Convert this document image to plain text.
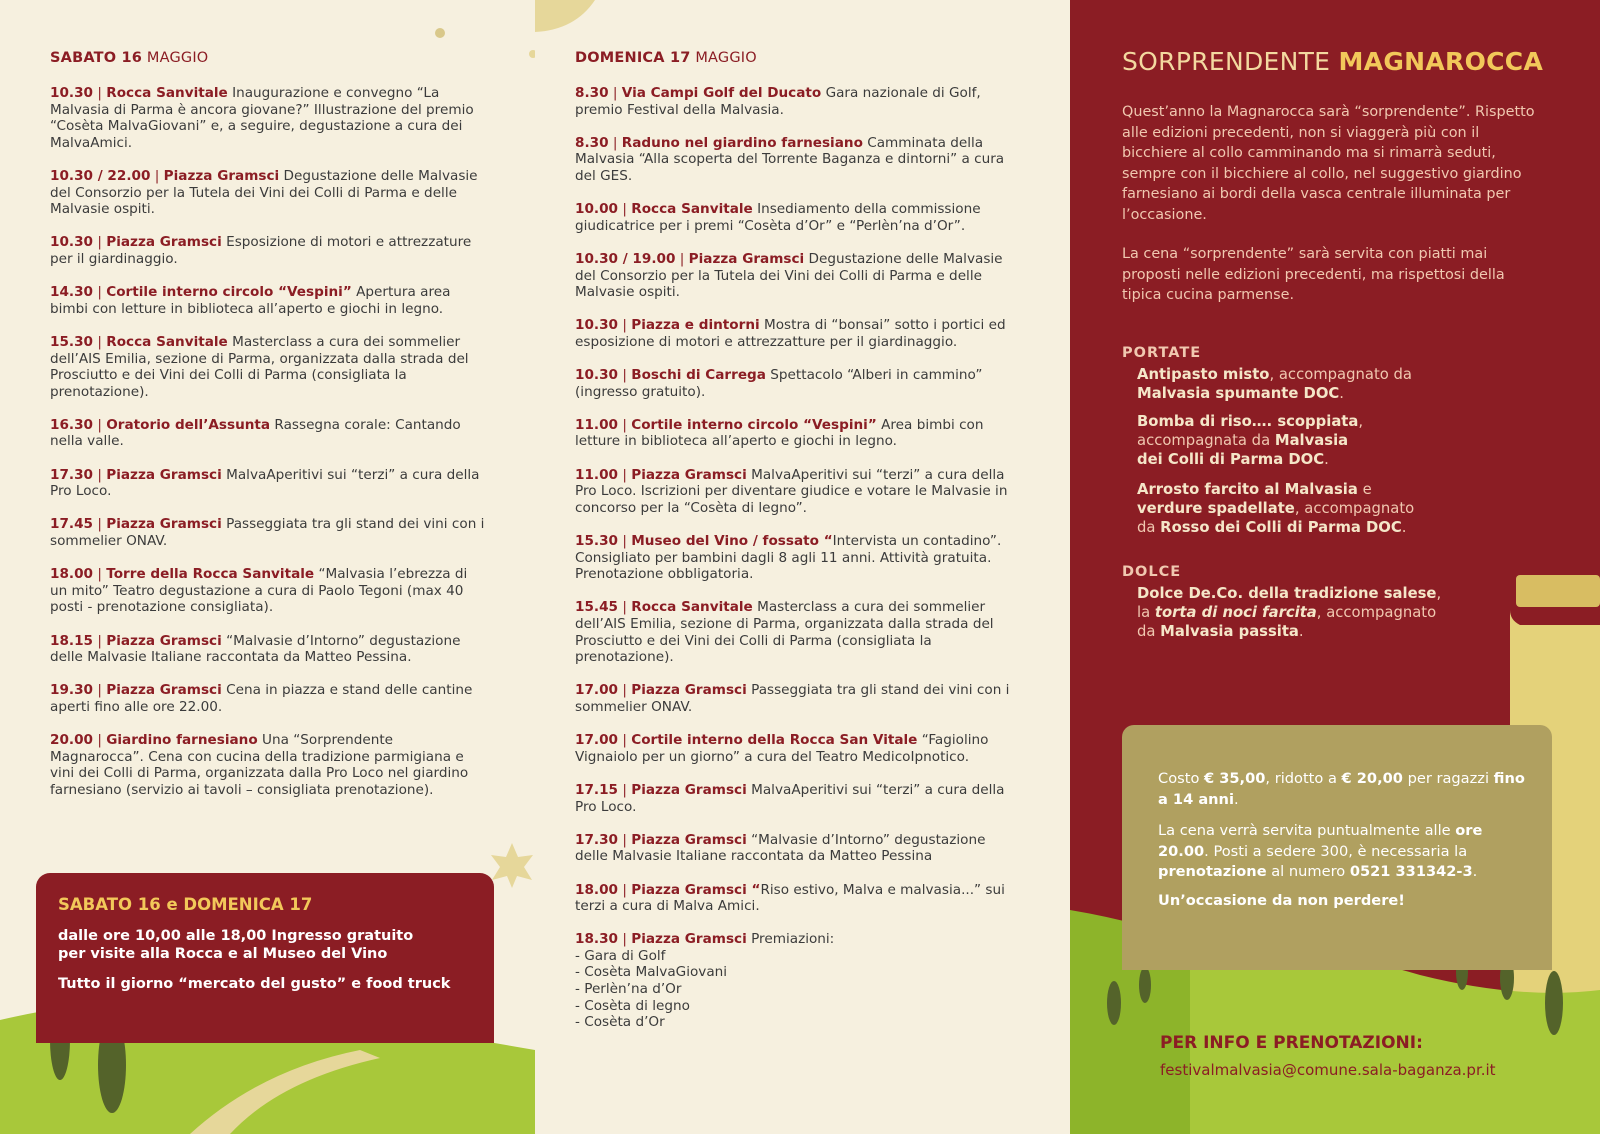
SABATO 16 MAGGIO
10.30 | Rocca Sanvitale Inaugurazione e convegno “La Malvasia di Parma è ancora giovane?” Illustrazione del premio “Cosèta MalvaGiovani” e, a seguire, degustazione a cura dei MalvaAmici.
10.30 / 22.00 | Piazza Gramsci Degustazione delle Malvasie del Consorzio per la Tutela dei Vini dei Colli di Parma e delle Malvasie ospiti.
10.30 | Piazza Gramsci Esposizione di motori e attrezzature per il giardinaggio.
14.30 | Cortile interno circolo “Vespini” Apertura area bimbi con letture in biblioteca all’aperto e giochi in legno.
15.30 | Rocca Sanvitale Masterclass a cura dei sommelier dell’AIS Emilia, sezione di Parma, organizzata dalla strada del Prosciutto e dei Vini dei Colli di Parma (consigliata la prenotazione).
16.30 | Oratorio dell’Assunta Rassegna corale: Cantando nella valle.
17.30 | Piazza Gramsci MalvaAperitivi sui “terzi” a cura della Pro Loco.
17.45 | Piazza Gramsci Passeggiata tra gli stand dei vini con i sommelier ONAV.
18.00 | Torre della Rocca Sanvitale “Malvasia l’ebrezza di un mito” Teatro degustazione a cura di Paolo Tegoni (max 40 posti - prenotazione consigliata).
18.15 | Piazza Gramsci “Malvasie d’Intorno” degustazione delle Malvasie Italiane raccontata da Matteo Pessina.
19.30 | Piazza Gramsci Cena in piazza e stand delle cantine aperti fino alle ore 22.00.
20.00 | Giardino farnesiano Una “Sorprendente Magnarocca”. Cena con cucina della tradizione parmigiana e vini dei Colli di Parma, organizzata dalla Pro Loco nel giardino farnesiano (servizio ai tavoli – consigliata prenotazione).
SABATO 16 e DOMENICA 17
dalle ore 10,00 alle 18,00 Ingresso gratuito
per visite alla Rocca e al Museo del Vino
Tutto il giorno “mercato del gusto” e food truck
DOMENICA 17 MAGGIO
8.30 | Via Campi Golf del Ducato Gara nazionale di Golf, premio Festival della Malvasia.
8.30 | Raduno nel giardino farnesiano Camminata della Malvasia “Alla scoperta del Torrente Baganza e dintorni” a cura del GES.
10.00 | Rocca Sanvitale Insediamento della commissione giudicatrice per i premi “Cosèta d’Or” e “Perlèn’na d’Or”.
10.30 / 19.00 | Piazza Gramsci Degustazione delle Malvasie del Consorzio per la Tutela dei Vini dei Colli di Parma e delle Malvasie ospiti.
10.30 | Piazza e dintorni Mostra di “bonsai” sotto i portici ed esposizione di motori e attrezzatture per il giardinaggio.
10.30 | Boschi di Carrega Spettacolo “Alberi in cammino” (ingresso gratuito).
11.00 | Cortile interno circolo “Vespini” Area bimbi con letture in biblioteca all’aperto e giochi in legno.
11.00 | Piazza Gramsci MalvaAperitivi sui “terzi” a cura della Pro Loco. Iscrizioni per diventare giudice e votare le Malvasie in concorso per la “Cosèta di legno”.
15.30 | Museo del Vino / fossato “Intervista un contadino”. Consigliato per bambini dagli 8 agli 11 anni. Attività gratuita. Prenotazione obbligatoria.
15.45 | Rocca Sanvitale Masterclass a cura dei sommelier dell’AIS Emilia, sezione di Parma, organizzata dalla strada del Prosciutto e dei Vini dei Colli di Parma (consigliata la prenotazione).
17.00 | Piazza Gramsci Passeggiata tra gli stand dei vini con i sommelier ONAV.
17.00 | Cortile interno della Rocca San Vitale “Fagiolino Vignaiolo per un giorno” a cura del Teatro MedicoIpnotico.
17.15 | Piazza Gramsci MalvaAperitivi sui “terzi” a cura della Pro Loco.
17.30 | Piazza Gramsci “Malvasie d’Intorno” degustazione delle Malvasie Italiane raccontata da Matteo Pessina
18.00 | Piazza Gramsci “Riso estivo, Malva e malvasia...” sui terzi a cura di Malva Amici.
18.30 | Piazza Gramsci Premiazioni:
- Gara di Golf
- Cosèta MalvaGiovani
- Perlèn’na d’Or
- Cosèta di legno
- Cosèta d’Or
SORPRENDENTE MAGNAROCCA
Quest’anno la Magnarocca sarà “sorprendente”. Rispetto alle edizioni precedenti, non si viaggerà più con il bicchiere al collo camminando ma si rimarrà seduti, sempre con il bicchiere al collo, nel suggestivo giardino farnesiano ai bordi della vasca centrale illuminata per l’occasione.
La cena “sorprendente” sarà servita con piatti mai proposti nelle edizioni precedenti, ma rispettosi della tipica cucina parmense.
PORTATE
Antipasto misto, accompagnato da Malvasia spumante DOC.
Bomba di riso…. scoppiata, accompagnata da Malvasia dei Colli di Parma DOC.
Arrosto farcito al Malvasia e verdure spadellate, accompagnato da Rosso dei Colli di Parma DOC.
DOLCE
Dolce De.Co. della tradizione salese, la torta di noci farcita, accompagnato da Malvasia passita.
Costo € 35,00, ridotto a € 20,00 per ragazzi fino a 14 anni.
La cena verrà servita puntualmente alle ore 20.00. Posti a sedere 300, è necessaria la prenotazione al numero 0521 331342-3.
Un’occasione da non perdere!
PER INFO E PRENOTAZIONI:
festivalmalvasia@comune.sala-baganza.pr.it
